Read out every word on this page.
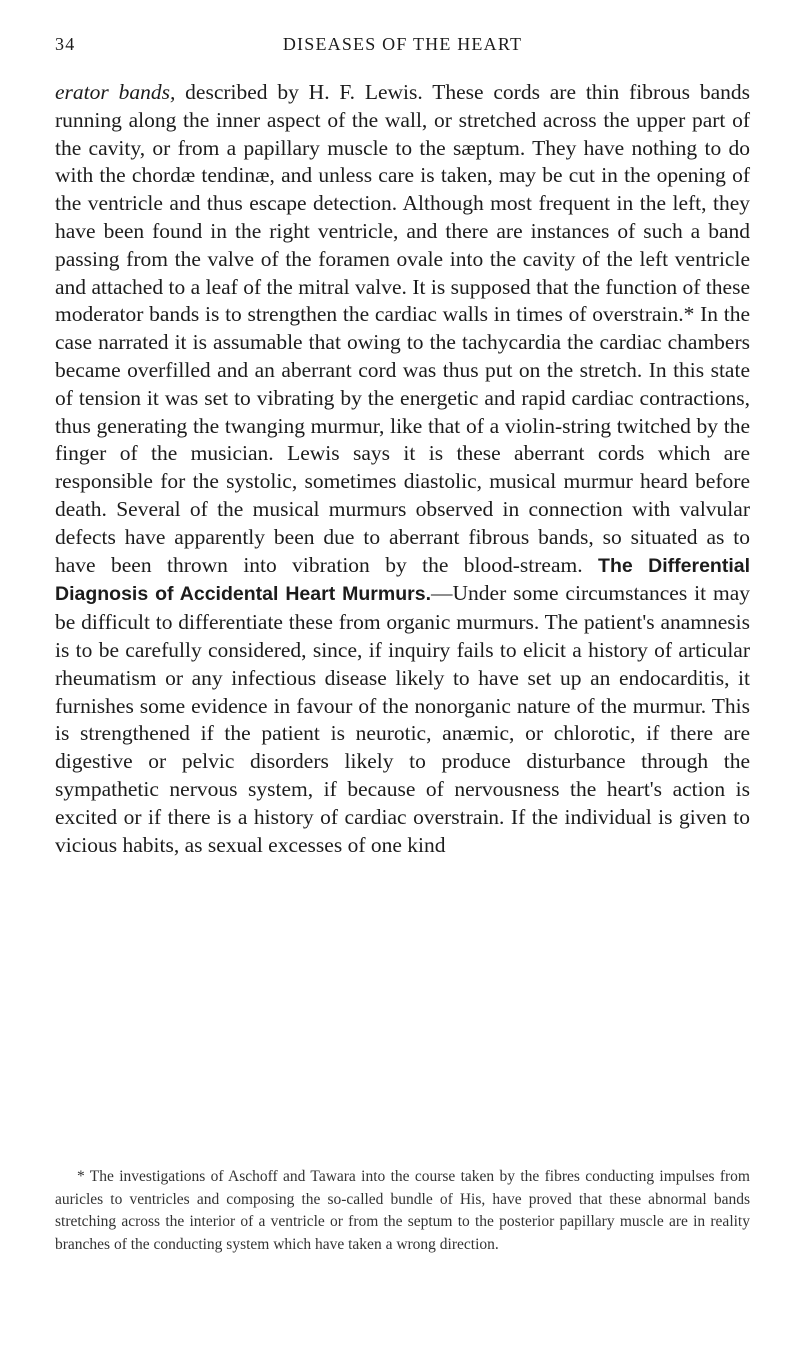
34	DISEASES OF THE HEART

erator bands, described by H. F. Lewis. These cords are thin fibrous bands running along the inner aspect of the wall, or stretched across the upper part of the cavity, or from a papillary muscle to the sæptum. They have nothing to do with the chordæ tendinæ, and unless care is taken, may be cut in the opening of the ventricle and thus escape detection. Although most frequent in the left, they have been found in the right ventricle, and there are instances of such a band passing from the valve of the foramen ovale into the cavity of the left ventricle and attached to a leaf of the mitral valve. It is supposed that the function of these moderator bands is to strengthen the cardiac walls in times of overstrain.* In the case narrated it is assumable that owing to the tachycardia the cardiac chambers became overfilled and an aberrant cord was thus put on the stretch. In this state of tension it was set to vibrating by the energetic and rapid cardiac contractions, thus generating the twanging murmur, like that of a violin-string twitched by the finger of the musician. Lewis says it is these aberrant cords which are responsible for the systolic, sometimes diastolic, musical murmur heard before death. Several of the musical murmurs observed in connection with valvular defects have apparently been due to aberrant fibrous bands, so situated as to have been thrown into vibration by the blood-stream. The Differential Diagnosis of Accidental Heart Murmurs.—Under some circumstances it may be difficult to differentiate these from organic murmurs. The patient's anamnesis is to be carefully considered, since, if inquiry fails to elicit a history of articular rheumatism or any infectious disease likely to have set up an endocarditis, it furnishes some evidence in favour of the nonorganic nature of the murmur. This is strengthened if the patient is neurotic, anæmic, or chlorotic, if there are digestive or pelvic disorders likely to produce disturbance through the sympathetic nervous system, if because of nervousness the heart's action is excited or if there is a history of cardiac overstrain. If the individual is given to vicious habits, as sexual excesses of one kind

* The investigations of Aschoff and Tawara into the course taken by the fibres conducting impulses from auricles to ventricles and composing the so-called bundle of His, have proved that these abnormal bands stretching across the interior of a ventricle or from the septum to the posterior papillary muscle are in reality branches of the conducting system which have taken a wrong direction.
